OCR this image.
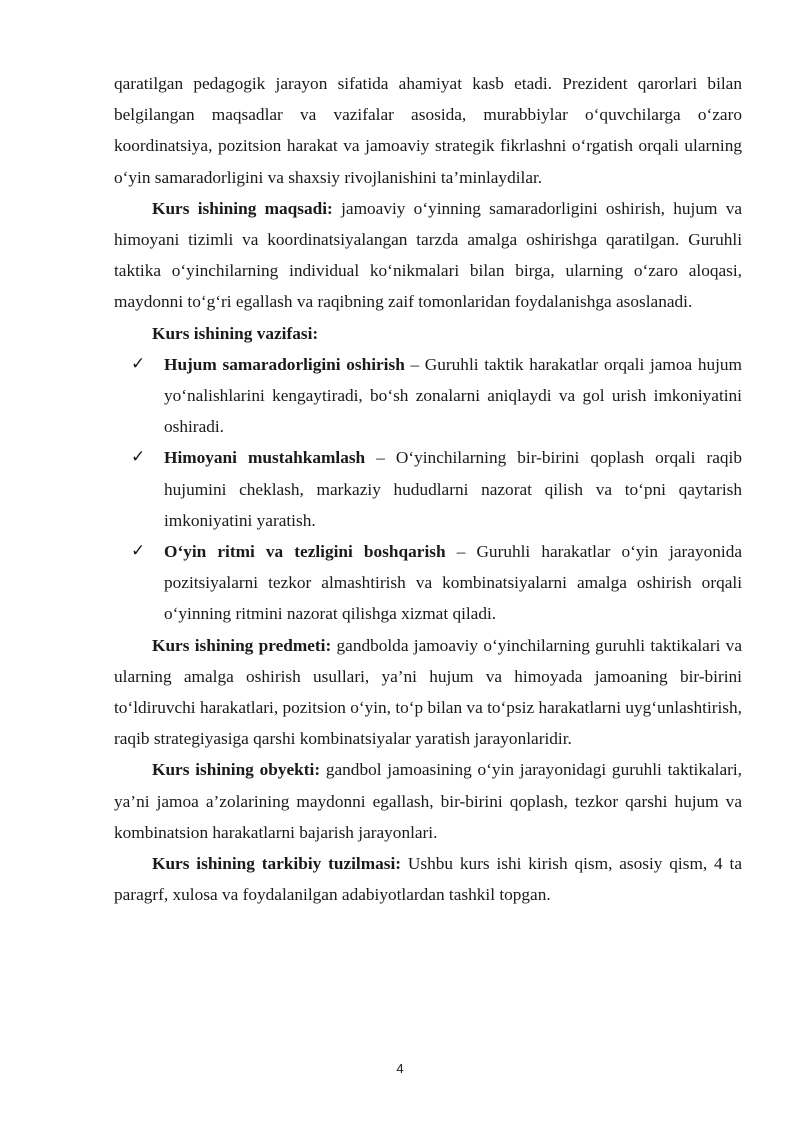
qaratilgan pedagogik jarayon sifatida ahamiyat kasb etadi. Prezident qarorlari bilan belgilangan maqsadlar va vazifalar asosida, murabbiylar o‘quvchilarga o‘zaro koordinatsiya, pozitsion harakat va jamoaviy strategik fikrlashni o‘rgatish orqali ularning o‘yin samaradorligini va shaxsiy rivojlanishini ta’minlaydilar.

Kurs ishining maqsadi: jamoaviy o‘yinning samaradorligini oshirish, hujum va himoyani tizimli va koordinatsiyalangan tarzda amalga oshirishga qaratilgan. Guruhli taktika o‘yinchilarning individual ko‘nikmalari bilan birga, ularning o‘zaro aloqasi, maydonni to‘g‘ri egallash va raqibning zaif tomonlaridan foydalanishga asoslanadi.

Kurs ishining vazifasi:

✓	Hujum samaradorligini oshirish – Guruhli taktik harakatlar orqali jamoa hujum yo‘nalishlarini kengaytiradi, bo‘sh zonalarni aniqlaydi va gol urish imkoniyatini oshiradi.

✓	Himoyani mustahkamlash – O‘yinchilarning bir-birini qoplash orqali raqib hujumini cheklash, markaziy hududlarni nazorat qilish va to‘pni qaytarish imkoniyatini yaratish.

✓	O‘yin ritmi va tezligini boshqarish – Guruhli harakatlar o‘yin jarayonida pozitsiyalarni tezkor almashtirish va kombinatsiyalarni amalga oshirish orqali o‘yinning ritmini nazorat qilishga xizmat qiladi.

Kurs ishining predmeti: gandbolda jamoaviy o‘yinchilarning guruhli taktikalari va ularning amalga oshirish usullari, ya’ni hujum va himoyada jamoaning bir-birini to‘ldiruvchi harakatlari, pozitsion o‘yin, to‘p bilan va to‘psiz harakatlarni uyg‘unlashtirish, raqib strategiyasiga qarshi kombinatsiyalar yaratish jarayonlaridir.

Kurs ishining obyekti: gandbol jamoasining o‘yin jarayonidagi guruhli taktikalari, ya’ni jamoa a’zolarining maydonni egallash, bir-birini qoplash, tezkor qarshi hujum va kombinatsion harakatlarni bajarish jarayonlari.

Kurs ishining tarkibiy tuzilmasi: Ushbu kurs ishi kirish qism, asosiy qism, 4 ta paragrf, xulosa va foydalanilgan adabiyotlardan tashkil topgan.

4
